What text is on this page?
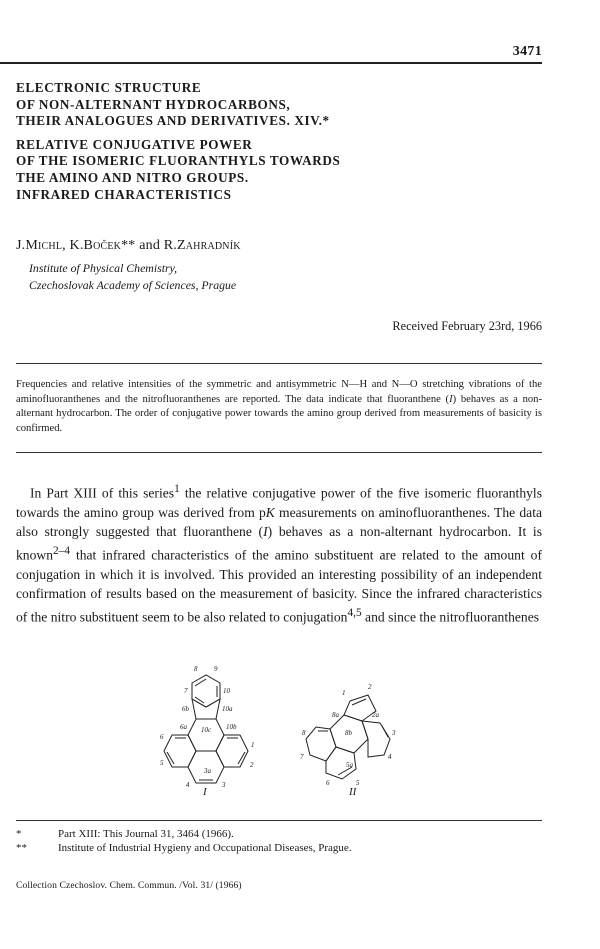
3471
ELECTRONIC STRUCTURE
OF NON-ALTERNANT HYDROCARBONS,
THEIR ANALOGUES AND DERIVATIVES. XIV.*
RELATIVE CONJUGATIVE POWER
OF THE ISOMERIC FLUORANTHYLS TOWARDS
THE AMINO AND NITRO GROUPS.
INFRARED CHARACTERISTICS
J.Michl, K.Boček** and R.Zahradník
Institute of Physical Chemistry,
Czechoslovak Academy of Sciences, Prague
Received February 23rd, 1966
Frequencies and relative intensities of the symmetric and antisymmetric N—H and N—O stretching vibrations of the aminofluoranthenes and the nitrofluoranthenes are reported. The data indicate that fluoranthene (I) behaves as a non-alternant hydrocarbon. The order of conjugative power towards the amino group derived from measurements of basicity is confirmed.

In Part XIII of this series$^1$ the relative conjugative power of the five isomeric fluoranthyls towards the amino group was derived from pK measurements on aminofluoranthenes. The data also strongly suggested that fluoranthene (I) behaves as a non-alternant hydrocarbon. It is known$^{2-4}$ that infrared characteristics of the amino substituent are related to the amount of conjugation in which it is involved. This provided an interesting possibility of an independent confirmation of results based on the measurement of basicity. Since the infrared characteristics of the nitro substituent seem to be also related to conjugation$^{4,5}$ and since the nitrofluoranthenes

8 9
7	10
6b	10a
6a 10c 10b
6
1
5	2
4	3
3a
1
2
8a	2a
8b
8	3
7	4
6	5
5a
I	II
*	Part XIII: This Journal 31, 3464 (1966).
**	Institute of Industrial Hygieny and Occupational Diseases, Prague.
Collection Czechoslov. Chem. Commun. /Vol. 31/ (1966)
